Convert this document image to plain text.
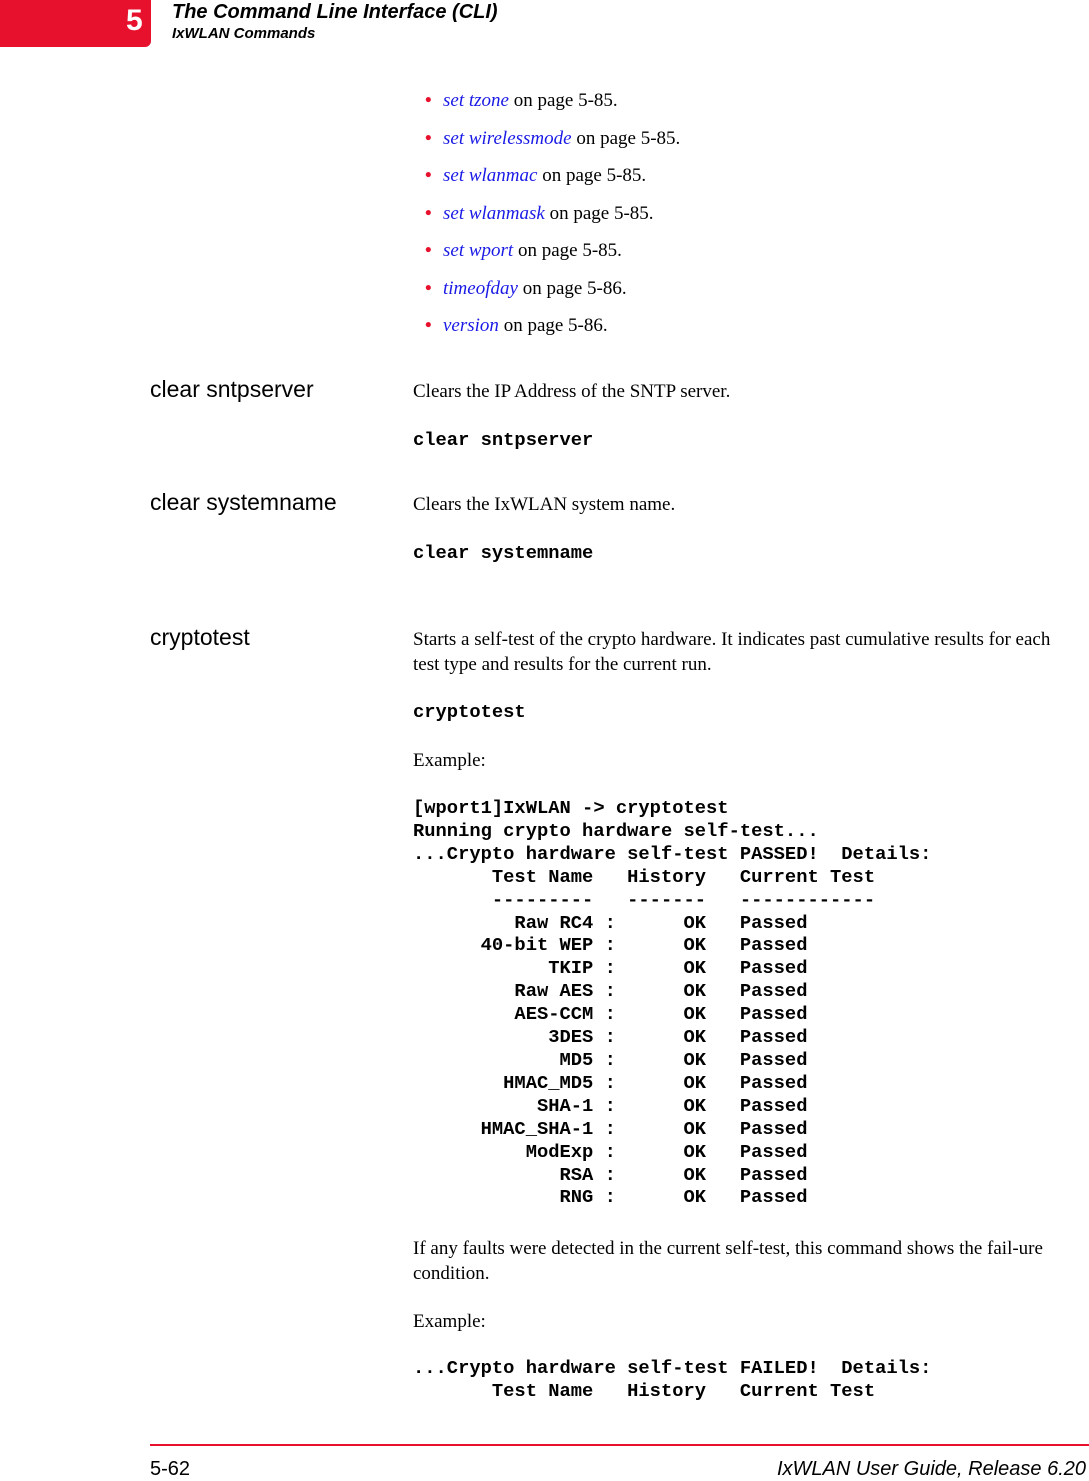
5 The Command Line Interface (CLI)
IxWLAN Commands
• set tzone on page 5-85.
• set wirelessmode on page 5-85.
• set wlanmac on page 5-85.
• set wlanmask on page 5-85.
• set wport on page 5-85.
• timeofday on page 5-86.
• version on page 5-86.
clear sntpserver	Clears the IP Address of the SNTP server.

clear sntpserver
clear systemname	Clears the IxWLAN system name.

clear systemname
cryptotest	Starts a self-test of the crypto hardware. It indicates past cumulative results for each test type and results for the current run.

cryptotest

Example:

[wport1]IxWLAN -> cryptotest
Running crypto hardware self-test...
...Crypto hardware self-test PASSED!  Details:
Test Name   History   Current Test
---------   -------   ------------
Raw RC4 :      OK   Passed
40-bit WEP :      OK   Passed
TKIP :      OK   Passed
Raw AES :      OK   Passed
AES-CCM :      OK   Passed
3DES :      OK   Passed
MD5 :      OK   Passed
HMAC_MD5 :      OK   Passed
SHA-1 :      OK   Passed
HMAC_SHA-1 :      OK   Passed
ModExp :      OK   Passed
RSA :      OK   Passed
RNG :      OK   Passed

If any faults were detected in the current self-test, this command shows the fail-ure condition.

Example:

...Crypto hardware self-test FAILED!  Details:
Test Name   History   Current Test
5-62	IxWLAN User Guide, Release 6.20
